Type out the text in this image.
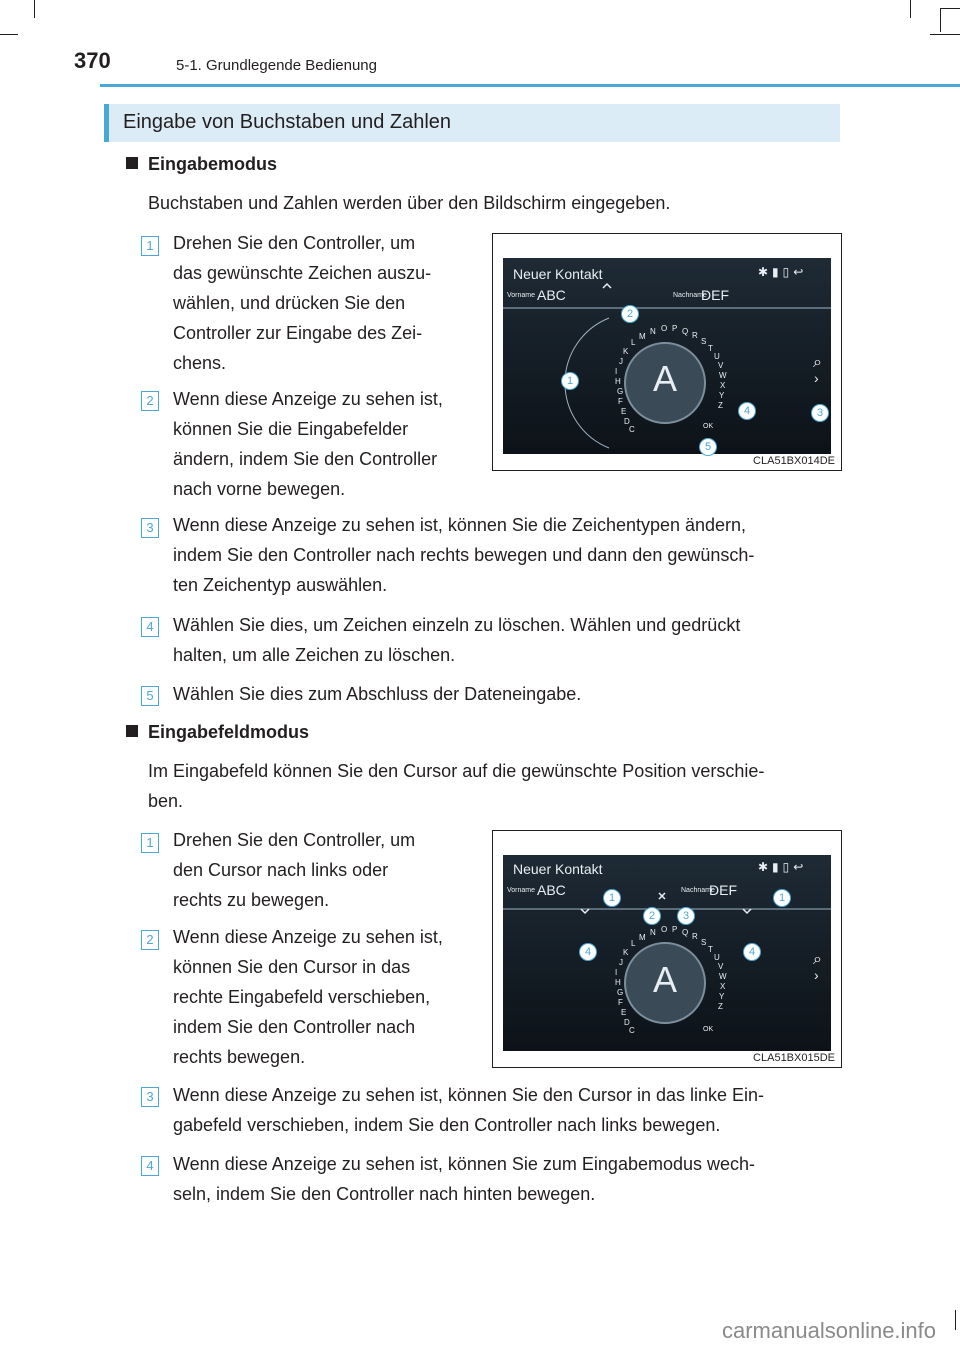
370	5-1. Grundlegende Bedienung
Eingabe von Buchstaben und Zahlen
Eingabemodus
Buchstaben und Zahlen werden über den Bildschirm eingegeben.
1 Drehen Sie den Controller, um
das gewünschte Zeichen auszu-
wählen, und drücken Sie den
Controller zur Eingabe des Zei-
chens.
2 Wenn diese Anzeige zu sehen ist,
können Sie die Eingabefelder
ändern, indem Sie den Controller
nach vorne bewegen.
Neuer Kontakt	✱▮▯↩
Vorname ABC	Nachname
DEF
H
G
F
E
D
C
I
J
K
L
M
N O P Q R
S
T
U
V
W
X
Y
Z
OK
A	⌕
›
2
1
4	3
5
CLA51BX014DE
3 Wenn diese Anzeige zu sehen ist, können Sie die Zeichentypen ändern,
indem Sie den Controller nach rechts bewegen und dann den gewünsch-
ten Zeichentyp auswählen.
4 Wählen Sie dies, um Zeichen einzeln zu löschen. Wählen und gedrückt
halten, um alle Zeichen zu löschen.
5 Wählen Sie dies zum Abschluss der Dateneingabe.
Eingabefeldmodus
Im Eingabefeld können Sie den Cursor auf die gewünschte Position verschie-
ben.
1 Drehen Sie den Controller, um
den Cursor nach links oder
rechts zu bewegen.
2 Wenn diese Anzeige zu sehen ist,
können Sie den Cursor in das
rechte Eingabefeld verschieben,
indem Sie den Controller nach
rechts bewegen.
Neuer Kontakt	✱▮▯↩
Vorname ABC	Nachname
DEF
H
G
F
E
D
C
I
J
K
L
M
N O P Q R
S
T
U
V
W
X
Y
Z
OK
A	⌕
›
1
2	3
1
4	4
CLA51BX015DE
3 Wenn diese Anzeige zu sehen ist, können Sie den Cursor in das linke Ein-
gabefeld verschieben, indem Sie den Controller nach links bewegen.
4 Wenn diese Anzeige zu sehen ist, können Sie zum Eingabemodus wech-
seln, indem Sie den Controller nach hinten bewegen.
carmanualsonline.info
